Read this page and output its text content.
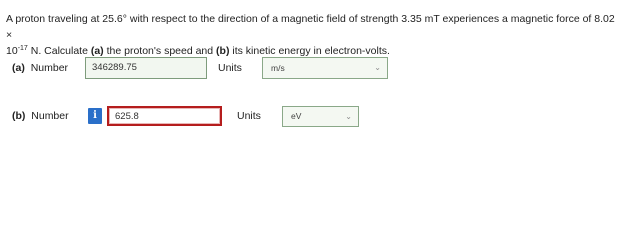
A proton traveling at 25.6° with respect to the direction of a magnetic field of strength 3.35 mT experiences a magnetic force of 8.02 ×
$10^{-17}$ N. Calculate (a) the proton's speed and (b) its kinetic energy in electron-volts.
(a) Number	346289.75	Units	m/s	⌄
(b) Number	i	625.8	Units	eV	⌄
